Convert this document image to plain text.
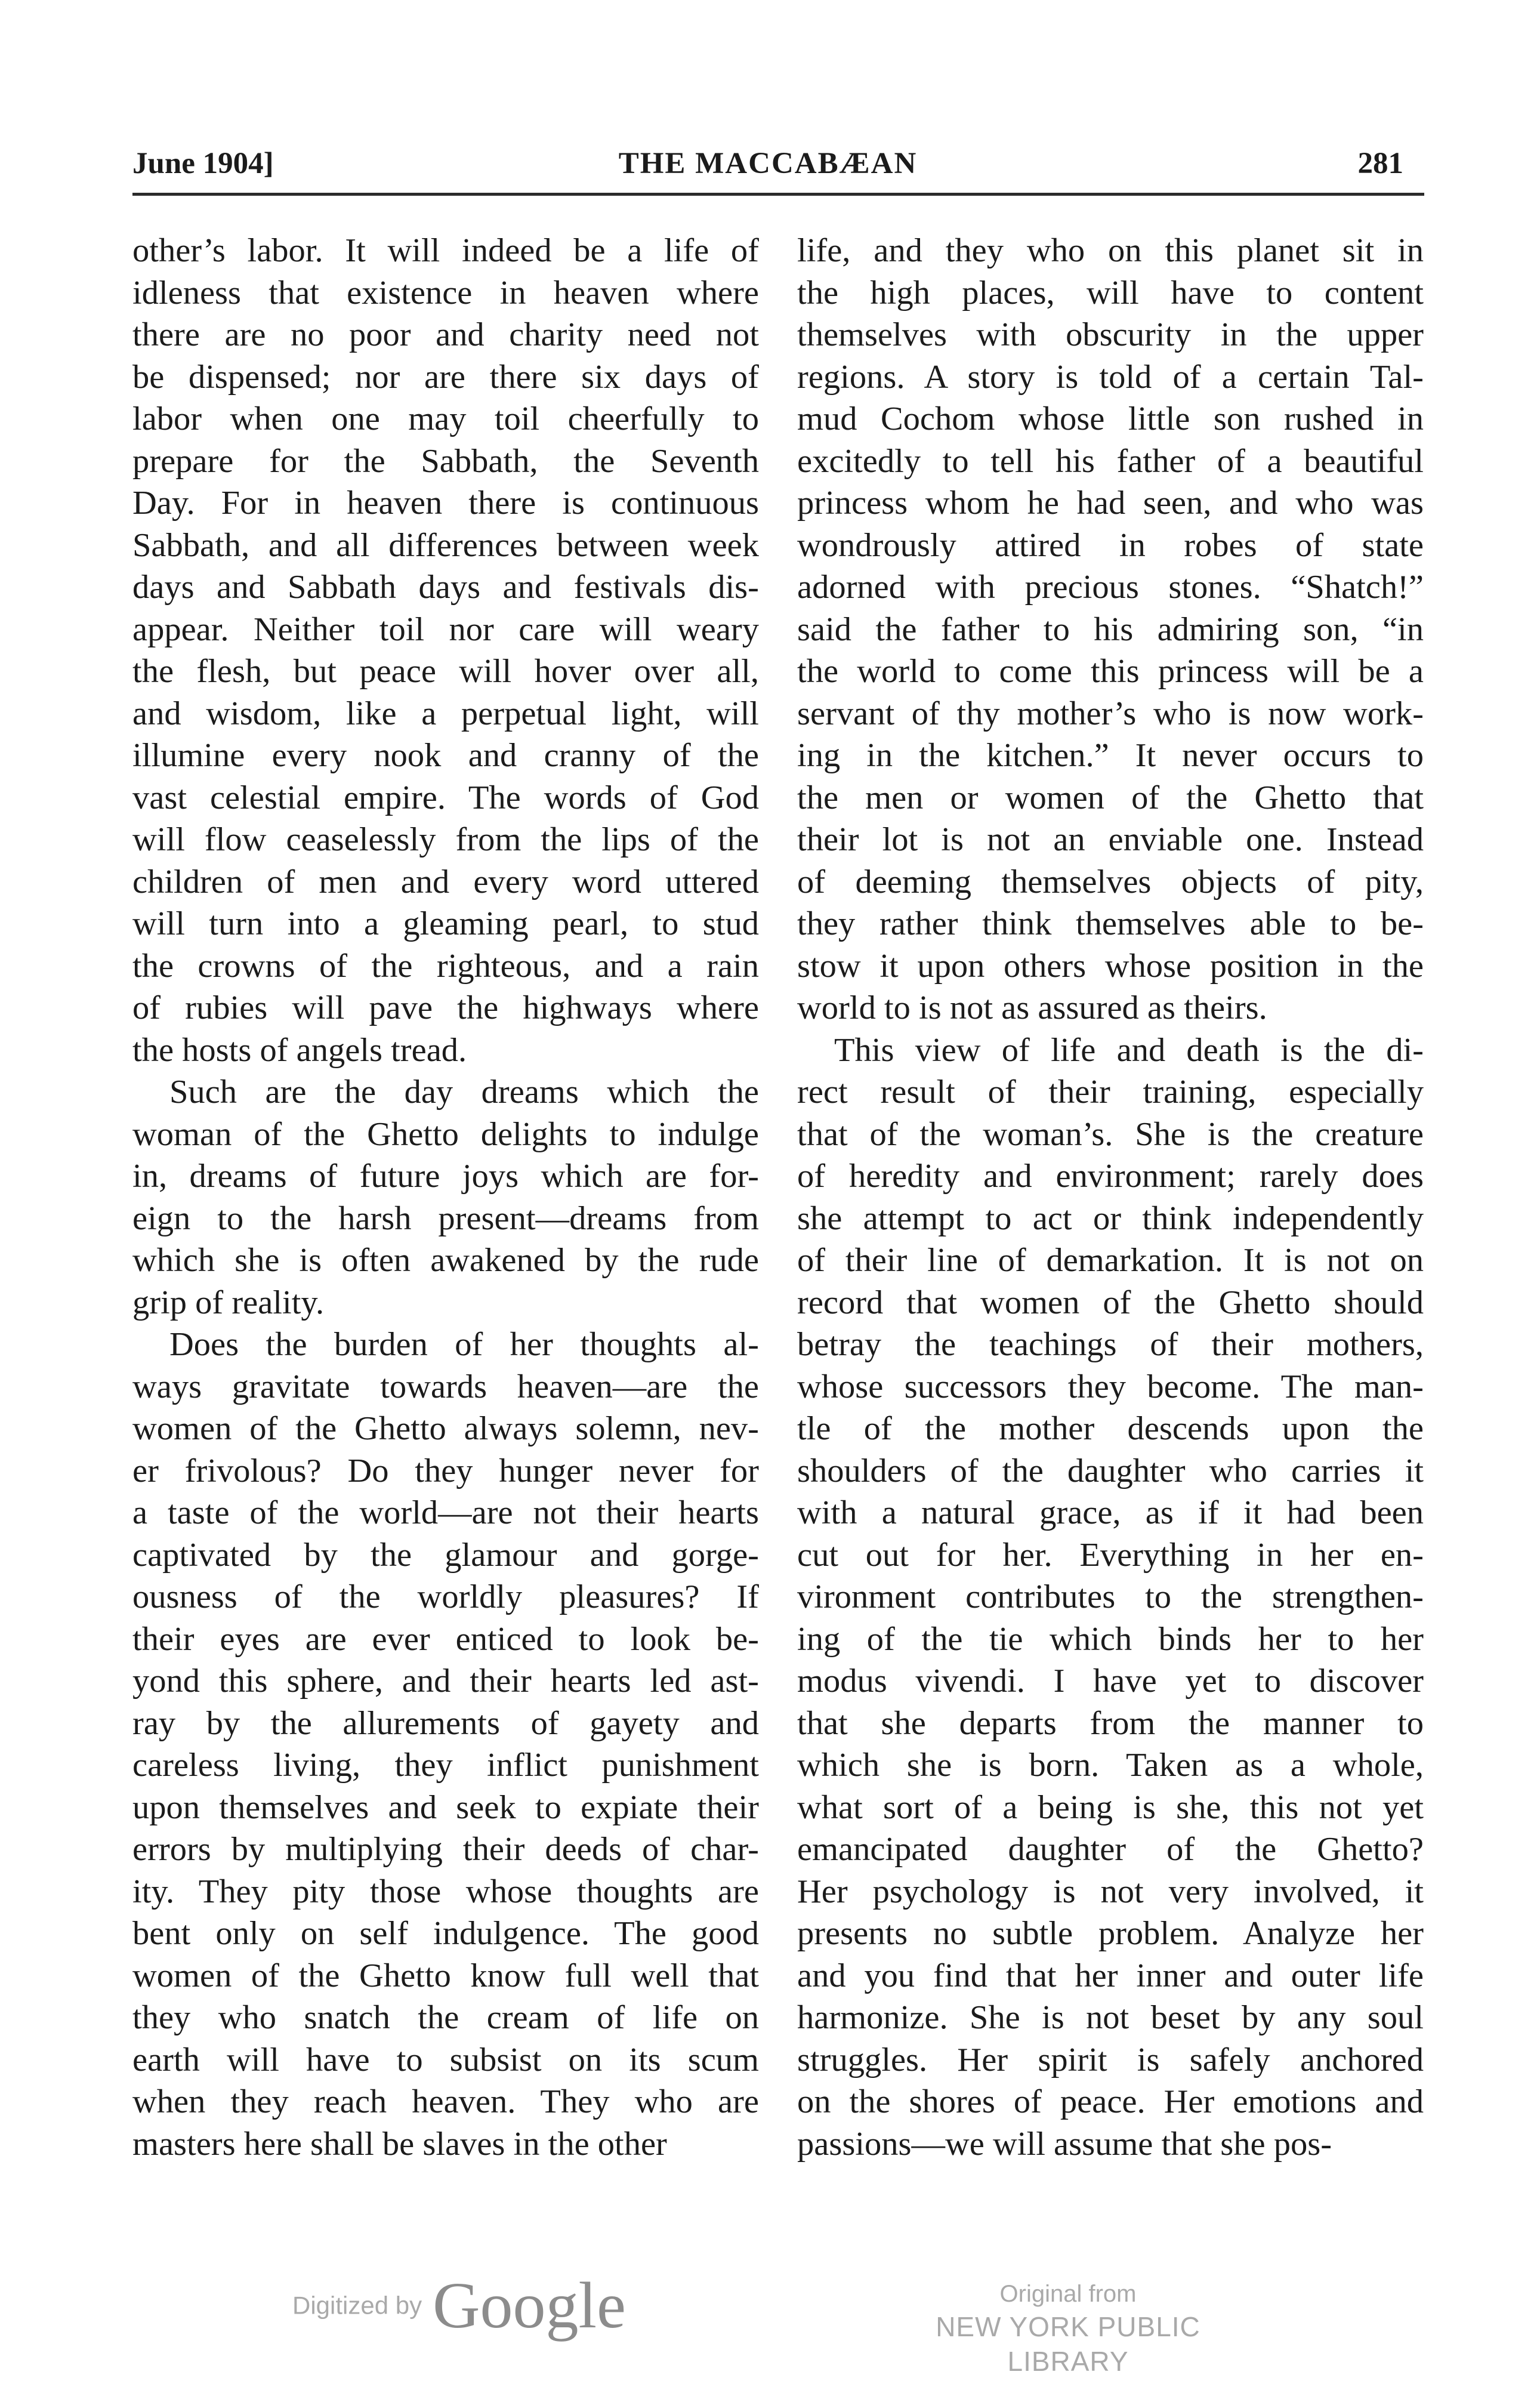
June 1904]	THE MACCABÆAN	281
other’s labor. It will indeed be a life of
idleness that existence in heaven where
there are no poor and charity need not
be dispensed; nor are there six days of
labor when one may toil cheerfully to
prepare for the Sabbath, the Seventh
Day. For in heaven there is continuous
Sabbath, and all differences between week
days and Sabbath days and festivals dis-
appear. Neither toil nor care will weary
the flesh, but peace will hover over all,
and wisdom, like a perpetual light, will
illumine every nook and cranny of the
vast celestial empire. The words of God
will flow ceaselessly from the lips of the
children of men and every word uttered
will turn into a gleaming pearl, to stud
the crowns of the righteous, and a rain
of rubies will pave the highways where
the hosts of angels tread.
Such are the day dreams which the
woman of the Ghetto delights to indulge
in, dreams of future joys which are for-
eign to the harsh present—dreams from
which she is often awakened by the rude
grip of reality.
Does the burden of her thoughts al-
ways gravitate towards heaven—are the
women of the Ghetto always solemn, nev-
er frivolous? Do they hunger never for
a taste of the world—are not their hearts
captivated by the glamour and gorge-
ousness of the worldly pleasures? If
their eyes are ever enticed to look be-
yond this sphere, and their hearts led ast-
ray by the allurements of gayety and
careless living, they inflict punishment
upon themselves and seek to expiate their
errors by multiplying their deeds of char-
ity. They pity those whose thoughts are
bent only on self indulgence. The good
women of the Ghetto know full well that
they who snatch the cream of life on
earth will have to subsist on its scum
when they reach heaven. They who are
masters here shall be slaves in the other
life, and they who on this planet sit in
the high places, will have to content
themselves with obscurity in the upper
regions. A story is told of a certain Tal-
mud Cochom whose little son rushed in
excitedly to tell his father of a beautiful
princess whom he had seen, and who was
wondrously attired in robes of state
adorned with precious stones. “Shatch!”
said the father to his admiring son, “in
the world to come this princess will be a
servant of thy mother’s who is now work-
ing in the kitchen.” It never occurs to
the men or women of the Ghetto that
their lot is not an enviable one. Instead
of deeming themselves objects of pity,
they rather think themselves able to be-
stow it upon others whose position in the
world to is not as assured as theirs.
This view of life and death is the di-
rect result of their training, especially
that of the woman’s. She is the creature
of heredity and environment; rarely does
she attempt to act or think independently
of their line of demarkation. It is not on
record that women of the Ghetto should
betray the teachings of their mothers,
whose successors they become. The man-
tle of the mother descends upon the
shoulders of the daughter who carries it
with a natural grace, as if it had been
cut out for her. Everything in her en-
vironment contributes to the strengthen-
ing of the tie which binds her to her
modus vivendi. I have yet to discover
that she departs from the manner to
which she is born. Taken as a whole,
what sort of a being is she, this not yet
emancipated daughter of the Ghetto?
Her psychology is not very involved, it
presents no subtle problem. Analyze her
and you find that her inner and outer life
harmonize. She is not beset by any soul
struggles. Her spirit is safely anchored
on the shores of peace. Her emotions and
passions—we will assume that she pos-
Digitized by Google	Original from
NEW YORK PUBLIC LIBRARY
